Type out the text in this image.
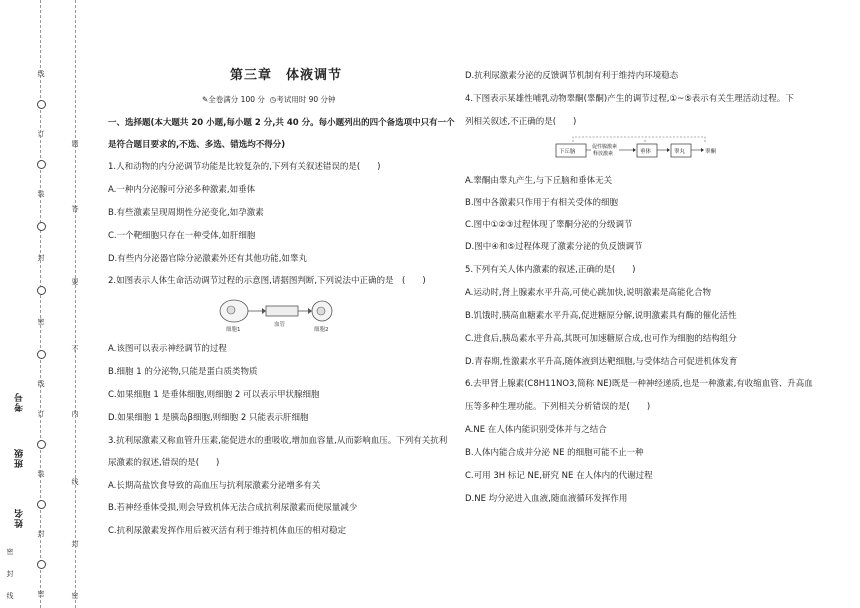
密
封
线
姓名
班级
考号
线
订
装
封
密
线
订
装
封
密
题
答
要
不
内
线
封
密
第三章　体液调节
✎全卷满分 100 分 ◷考试用时 90 分钟
一、选择题(本大题共 20 小题,每小题 2 分,共 40 分。每小题列出的四个备选项中只有一个
是符合题目要求的,不选、多选、错选均不得分)
1.人和动物的内分泌调节功能是比较复杂的,下列有关叙述错误的是(　　)
A.一种内分泌腺可分泌多种激素,如垂体
B.有些激素呈现周期性分泌变化,如孕激素
C.一个靶细胞只存在一种受体,如肝细胞
D.有些内分泌器官除分泌激素外还有其他功能,如睾丸
2.如图表示人体生命活动调节过程的示意图,请据图判断,下列说法中正确的是　(　　)
细胞1
血管
细胞2
A.该图可以表示神经调节的过程
B.细胞 1 的分泌物,只能是蛋白质类物质
C.如果细胞 1 是垂体细胞,则细胞 2 可以表示甲状腺细胞
D.如果细胞 1 是胰岛β细胞,则细胞 2 只能表示肝细胞
3.抗利尿激素又称血管升压素,能促进水的重吸收,增加血容量,从而影响血压。下列有关抗利
尿激素的叙述,错误的是(　　)
A.长期高盐饮食导致的高血压与抗利尿激素分泌增多有关
B.若神经垂体受损,则会导致机体无法合成抗利尿激素而使尿量减少
C.抗利尿激素发挥作用后被灭活有利于维持机体血压的相对稳定
D.抗利尿激素分泌的反馈调节机制有利于维持内环境稳态
4.下图表示某雄性哺乳动物睾酮(睾酮)产生的调节过程,①~⑤表示有关生理活动过程。下
列相关叙述,不正确的是(　　)
下丘脑
促性腺激素
释放激素	垂体	睾丸	睾酮
A.睾酮由睾丸产生,与下丘脑和垂体无关
B.图中各激素只作用于有相关受体的细胞
C.图中①②③过程体现了睾酮分泌的分级调节
D.图中④和⑤过程体现了激素分泌的负反馈调节
5.下列有关人体内激素的叙述,正确的是(　　)
A.运动时,肾上腺素水平升高,可使心跳加快,说明激素是高能化合物
B.饥饿时,胰高血糖素水平升高,促进糖原分解,说明激素具有酶的催化活性
C.进食后,胰岛素水平升高,其既可加速糖原合成,也可作为细胞的结构组分
D.青春期,性激素水平升高,随体液到达靶细胞,与受体结合可促进机体发育
6.去甲肾上腺素(C8H11NO3,简称 NE)既是一种神经递质,也是一种激素,有收缩血管、升高血
压等多种生理功能。下列相关分析错误的是(　　)
A.NE 在人体内能识别受体并与之结合
B.人体内能合成并分泌 NE 的细胞可能不止一种
C.可用 3H 标记 NE,研究 NE 在人体内的代谢过程
D.NE 均分泌进入血液,随血液循环发挥作用
